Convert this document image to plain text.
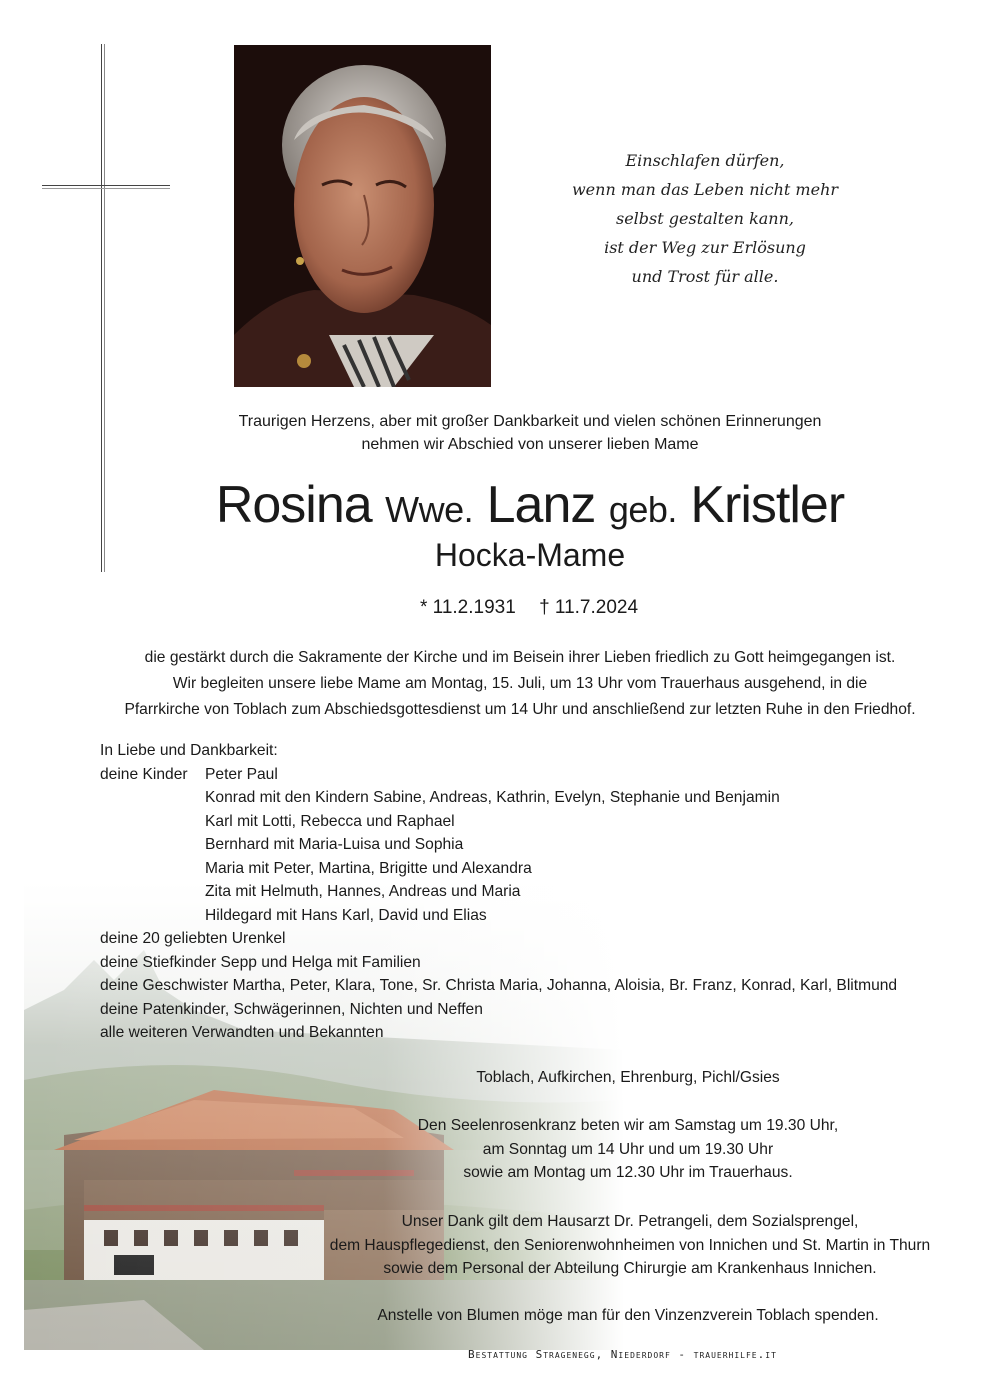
Einschlafen dürfen,
wenn man das Leben nicht mehr
selbst gestalten kann,
ist der Weg zur Erlösung
und Trost für alle.
Traurigen Herzens, aber mit großer Dankbarkeit und vielen schönen Erinnerungen
nehmen wir Abschied von unserer lieben Mame
Rosina Wwe. Lanz geb. Kristler
Hocka-Mame
* 11.2.1931 † 11.7.2024
die gestärkt durch die Sakramente der Kirche und im Beisein ihrer Lieben friedlich zu Gott heimgegangen ist.
Wir begleiten unsere liebe Mame am Montag, 15. Juli, um 13 Uhr vom Trauerhaus ausgehend, in die
Pfarrkirche von Toblach zum Abschiedsgottesdienst um 14 Uhr und anschließend zur letzten Ruhe in den Friedhof.
In Liebe und Dankbarkeit:
deine Kinder Peter Paul
Konrad mit den Kindern Sabine, Andreas, Kathrin, Evelyn, Stephanie und Benjamin
Karl mit Lotti, Rebecca und Raphael
Bernhard mit Maria-Luisa und Sophia
Maria mit Peter, Martina, Brigitte und Alexandra
Zita mit Helmuth, Hannes, Andreas und Maria
Hildegard mit Hans Karl, David und Elias
deine 20 geliebten Urenkel
deine Stiefkinder Sepp und Helga mit Familien
deine Geschwister Martha, Peter, Klara, Tone, Sr. Christa Maria, Johanna, Aloisia, Br. Franz, Konrad, Karl, Blitmund
deine Patenkinder, Schwägerinnen, Nichten und Neffen
alle weiteren Verwandten und Bekannten
Toblach, Aufkirchen, Ehrenburg, Pichl/Gsies
Den Seelenrosenkranz beten wir am Samstag um 19.30 Uhr,
am Sonntag um 14 Uhr und um 19.30 Uhr
sowie am Montag um 12.30 Uhr im Trauerhaus.
Unser Dank gilt dem Hausarzt Dr. Petrangeli, dem Sozialsprengel,
dem Hauspflegedienst, den Seniorenwohnheimen von Innichen und St. Martin in Thurn
sowie dem Personal der Abteilung Chirurgie am Krankenhaus Innichen.
Anstelle von Blumen möge man für den Vinzenzverein Toblach spenden.
Bestattung Stragenegg, Niederdorf - trauerhilfe.it
